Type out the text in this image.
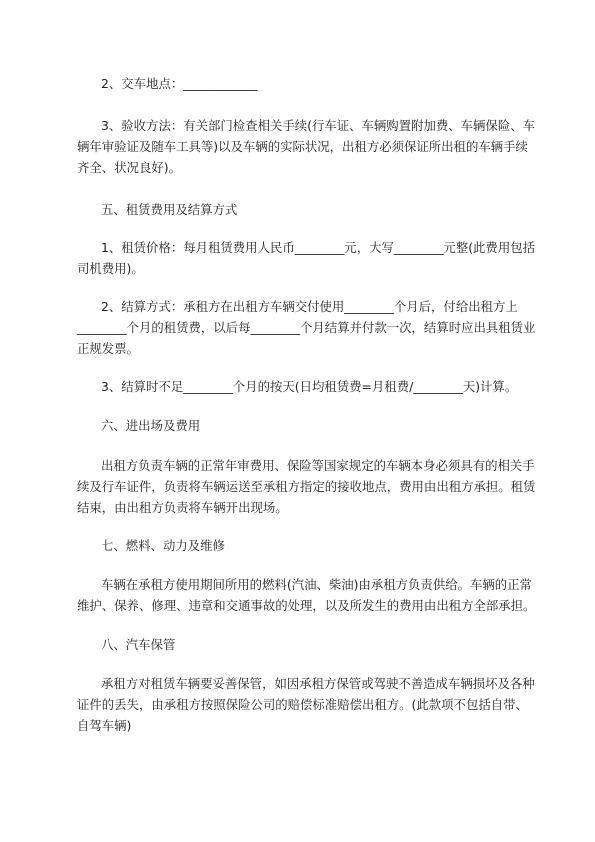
2、交车地点：____________

3、验收方法：有关部门检查相关手续(行车证、车辆购置附加费、车辆保险、车
辆年审验证及随车工具等)以及车辆的实际状况，出租方必须保证所出租的车辆手续
齐全、状况良好)。

五、租赁费用及结算方式

1、租赁价格：每月租赁费用人民币________元，大写________元整(此费用包括
司机费用)。

2、结算方式：承租方在出租方车辆交付使用________个月后，付给出租方上
________个月的租赁费，以后每________个月结算并付款一次，结算时应出具租赁业
正规发票。

3、结算时不足________个月的按天(日均租赁费=月租费/________天)计算。

六、进出场及费用

出租方负责车辆的正常年审费用、保险等国家规定的车辆本身必须具有的相关手
续及行车证件，负责将车辆运送至承租方指定的接收地点，费用由出租方承担。租赁
结束，由出租方负责将车辆开出现场。

七、燃料、动力及维修

车辆在承租方使用期间所用的燃料(汽油、柴油)由承租方负责供给。车辆的正常
维护、保养、修理、违章和交通事故的处理，以及所发生的费用由出租方全部承担。

八、汽车保管

承租方对租赁车辆要妥善保管，如因承租方保管或驾驶不善造成车辆损坏及各种
证件的丢失，由承租方按照保险公司的赔偿标准赔偿出租方。(此款项不包括自带、
自驾车辆)
